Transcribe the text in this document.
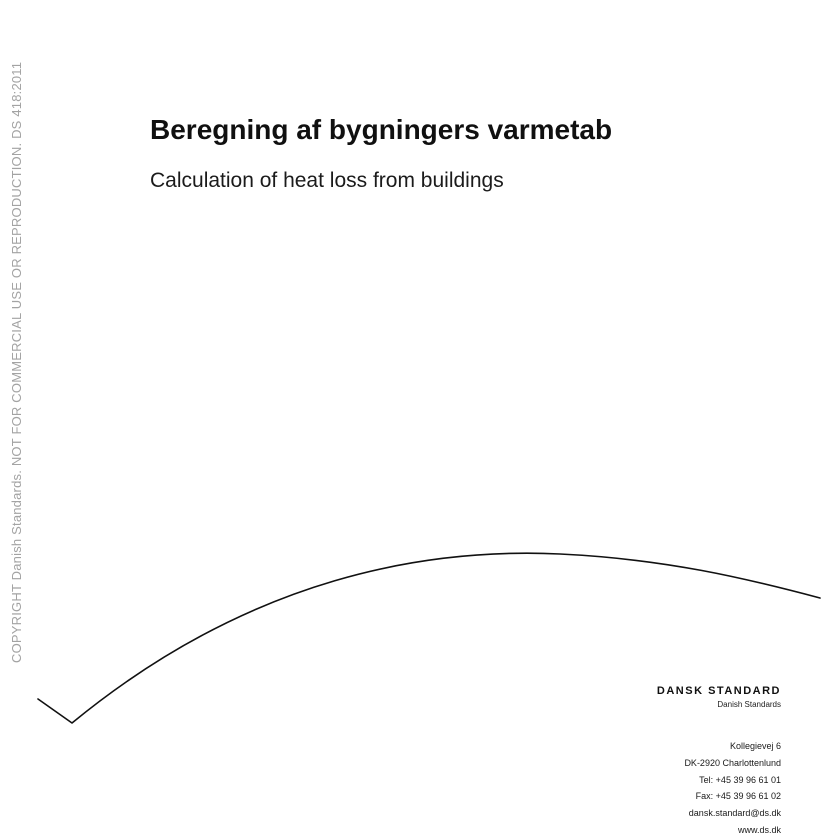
COPYRIGHT Danish Standards. NOT FOR COMMERCIAL USE OR REPRODUCTION. DS 418:2011	Beregning af bygningers varmetab
Calculation of heat loss from buildings
DANSK STANDARD
Danish Standards
Kollegievej 6
DK-2920 Charlottenlund
Tel: +45 39 96 61 01
Fax: +45 39 96 61 02
dansk.standard@ds.dk
www.ds.dk
